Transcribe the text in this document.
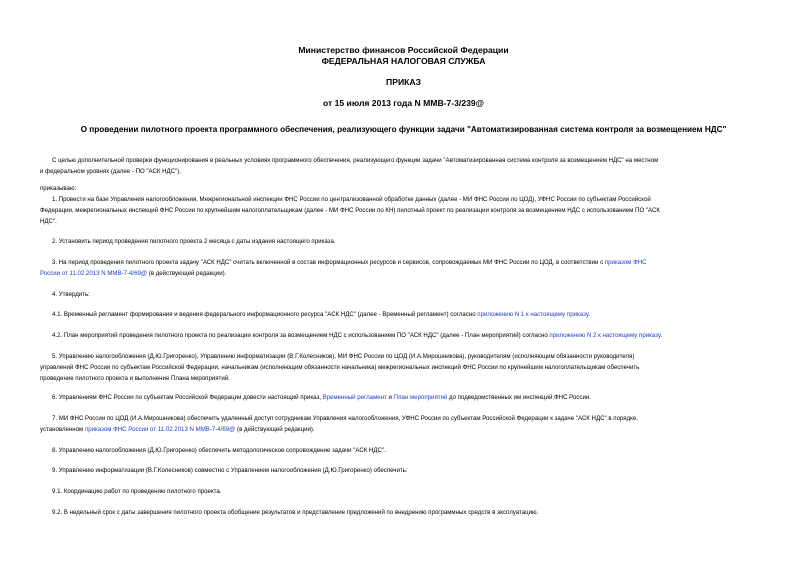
Министерство финансов Российской Федерации
ФЕДЕРАЛЬНАЯ НАЛОГОВАЯ СЛУЖБА
ПРИКАЗ
от 15 июля 2013 года N ММВ-7-3/239@
О проведении пилотного проекта программного обеспечения, реализующего функции задачи "Автоматизированная система контроля за возмещением НДС"
С целью дополнительной проверки функционирования в реальных условиях программного обеспечения, реализующего функции задачи "Автоматизированная система контроля за возмещением НДС" на местном
и федеральном уровнях (далее - ПО "АСК НДС"),
приказываю:
1. Провести на базе Управления налогообложения, Межрегиональной инспекции ФНС России по централизованной обработке данных (далее - МИ ФНС России по ЦОД), УФНС России по субъектам Российской
Федерации, межрегиональных инспекций ФНС России по крупнейшим налогоплательщикам (далее - МИ ФНС России по КН) пилотный проект по реализации контроля за возмещением НДС с использованием ПО "АСК
НДС".
2. Установить период проведения пилотного проекта 2 месяца с даты издания настоящего приказа.
3. На период проведения пилотного проекта задачу "АСК НДС" считать включенной в состав информационных ресурсов и сервисов, сопровождаемых МИ ФНС России по ЦОД, в соответствии с приказом ФНС
России от 11.02.2013 N ММВ-7-4/69@ (в действующей редакции).
4. Утвердить:
4.1. Временный регламент формирования и ведения федерального информационного ресурса "АСК НДС" (далее - Временный регламент) согласно приложению N 1 к настоящему приказу.
4.2. План мероприятий проведения пилотного проекта по реализации контроля за возмещением НДС с использованием ПО "АСК НДС" (далее - План мероприятий) согласно приложению N 2 к настоящему приказу.
5. Управлению налогообложения (Д.Ю.Григоренко), Управлению информатизации (В.Г.Колесников), МИ ФНС России по ЦОД (И.А.Мирошникова), руководителям (исполняющим обязанности руководителя)
управлений ФНС России по субъектам Российской Федерации, начальникам (исполняющим обязанности начальника) межрегиональных инспекций ФНС России по крупнейшим налогоплательщикам обеспечить
проведение пилотного проекта и выполнение Плана мероприятий.
6. Управлениям ФНС России по субъектам Российской Федерации довести настоящий приказ, Временный регламент и План мероприятий до подведомственных им инспекций ФНС России.
7. МИ ФНС России по ЦОД (И.А.Мирошникова) обеспечить удаленный доступ сотрудникам Управления налогообложения, УФНС России по субъектам Российской Федерации к задаче "АСК НДС" в порядке,
установленном приказом ФНС России от 11.02.2013 N ММВ-7-4/69@ (в действующей редакции).
8. Управлению налогообложения (Д.Ю.Григоренко) обеспечить методологическое сопровождение задачи "АСК НДС".
9. Управлению информатизации (В.Г.Колесников) совместно с Управлением налогообложения (Д.Ю.Григоренко) обеспечить:
9.1. Координацию работ по проведению пилотного проекта.
9.2. В недельный срок с даты завершения пилотного проекта обобщение результатов и представление предложений по внедрению программных средств в эксплуатацию.
